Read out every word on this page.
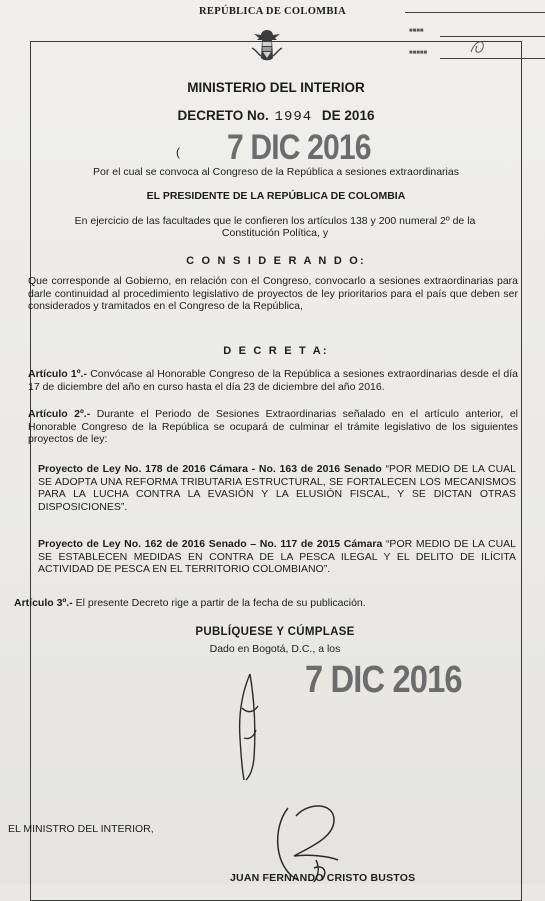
REPÚBLICA DE COLOMBIA
■■■■
■■■■■
MINISTERIO DEL INTERIOR
DECRETO No. 1994 DE 2016
( 7 DIC 2016
Por el cual se convoca al Congreso de la República a sesiones extraordinarias
EL PRESIDENTE DE LA REPÚBLICA DE COLOMBIA
En ejercicio de las facultades que le confieren los artículos 138 y 200 numeral 2º de la Constitución Política, y
C O N S I D E R A N D O:
Que corresponde al Gobierno, en relación con el Congreso, convocarlo a sesiones extraordinarias para darle continuidad al procedimiento legislativo de proyectos de ley prioritarios para el país que deben ser considerados y tramitados en el Congreso de la República,
D E C R E T A:
Artículo 1º.- Convócase al Honorable Congreso de la República a sesiones extraordinarias desde el día 17 de diciembre del año en curso hasta el día 23 de diciembre del año 2016.
Artículo 2º.- Durante el Periodo de Sesiones Extraordinarias señalado en el artículo anterior, el Honorable Congreso de la República se ocupará de culminar el trámite legislativo de los siguientes proyectos de ley:
Proyecto de Ley No. 178 de 2016 Cámara - No. 163 de 2016 Senado “POR MEDIO DE LA CUAL SE ADOPTA UNA REFORMA TRIBUTARIA ESTRUCTURAL, SE FORTALECEN LOS MECANISMOS PARA LA LUCHA CONTRA LA EVASIÓN Y LA ELUSIÓN FISCAL, Y SE DICTAN OTRAS DISPOSICIONES”.
Proyecto de Ley No. 162 de 2016 Senado – No. 117 de 2015 Cámara “POR MEDIO DE LA CUAL SE ESTABLECEN MEDIDAS EN CONTRA DE LA PESCA ILEGAL Y EL DELITO DE ILÍCITA ACTIVIDAD DE PESCA EN EL TERRITORIO COLOMBIANO”.
Artículo 3º.- El presente Decreto rige a partir de la fecha de su publicación.
PUBLÍQUESE Y CÚMPLASE
Dado en Bogotá, D.C., a los
7 DIC 2016
EL MINISTRO DEL INTERIOR,
JUAN FERNANDO CRISTO BUSTOS
